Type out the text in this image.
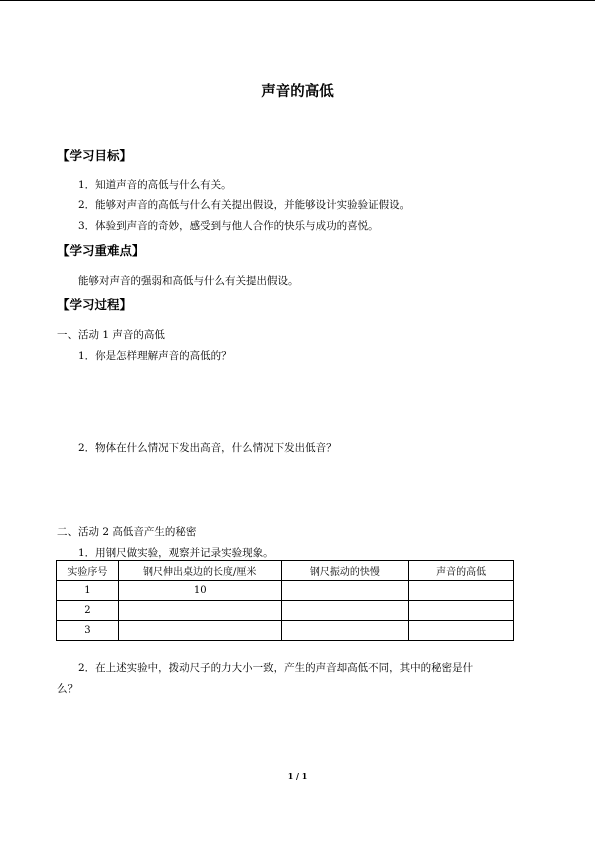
声音的高低
【学习目标】
1．知道声音的高低与什么有关。
2．能够对声音的高低与什么有关提出假设，并能够设计实验验证假设。
3．体验到声音的奇妙，感受到与他人合作的快乐与成功的喜悦。
【学习重难点】
能够对声音的强弱和高低与什么有关提出假设。
【学习过程】
一、活动 1 声音的高低
1．你是怎样理解声音的高低的？
2．物体在什么情况下发出高音，什么情况下发出低音？
二、活动 2 高低音产生的秘密
1．用钢尺做实验，观察并记录实验现象。
实验序号	钢尺伸出桌边的长度/厘米	钢尺振动的快慢	声音的高低
1	10		
2			
3			
2．在上述实验中，拨动尺子的力大小一致，产生的声音却高低不同，其中的秘密是什
么？
1 / 1
